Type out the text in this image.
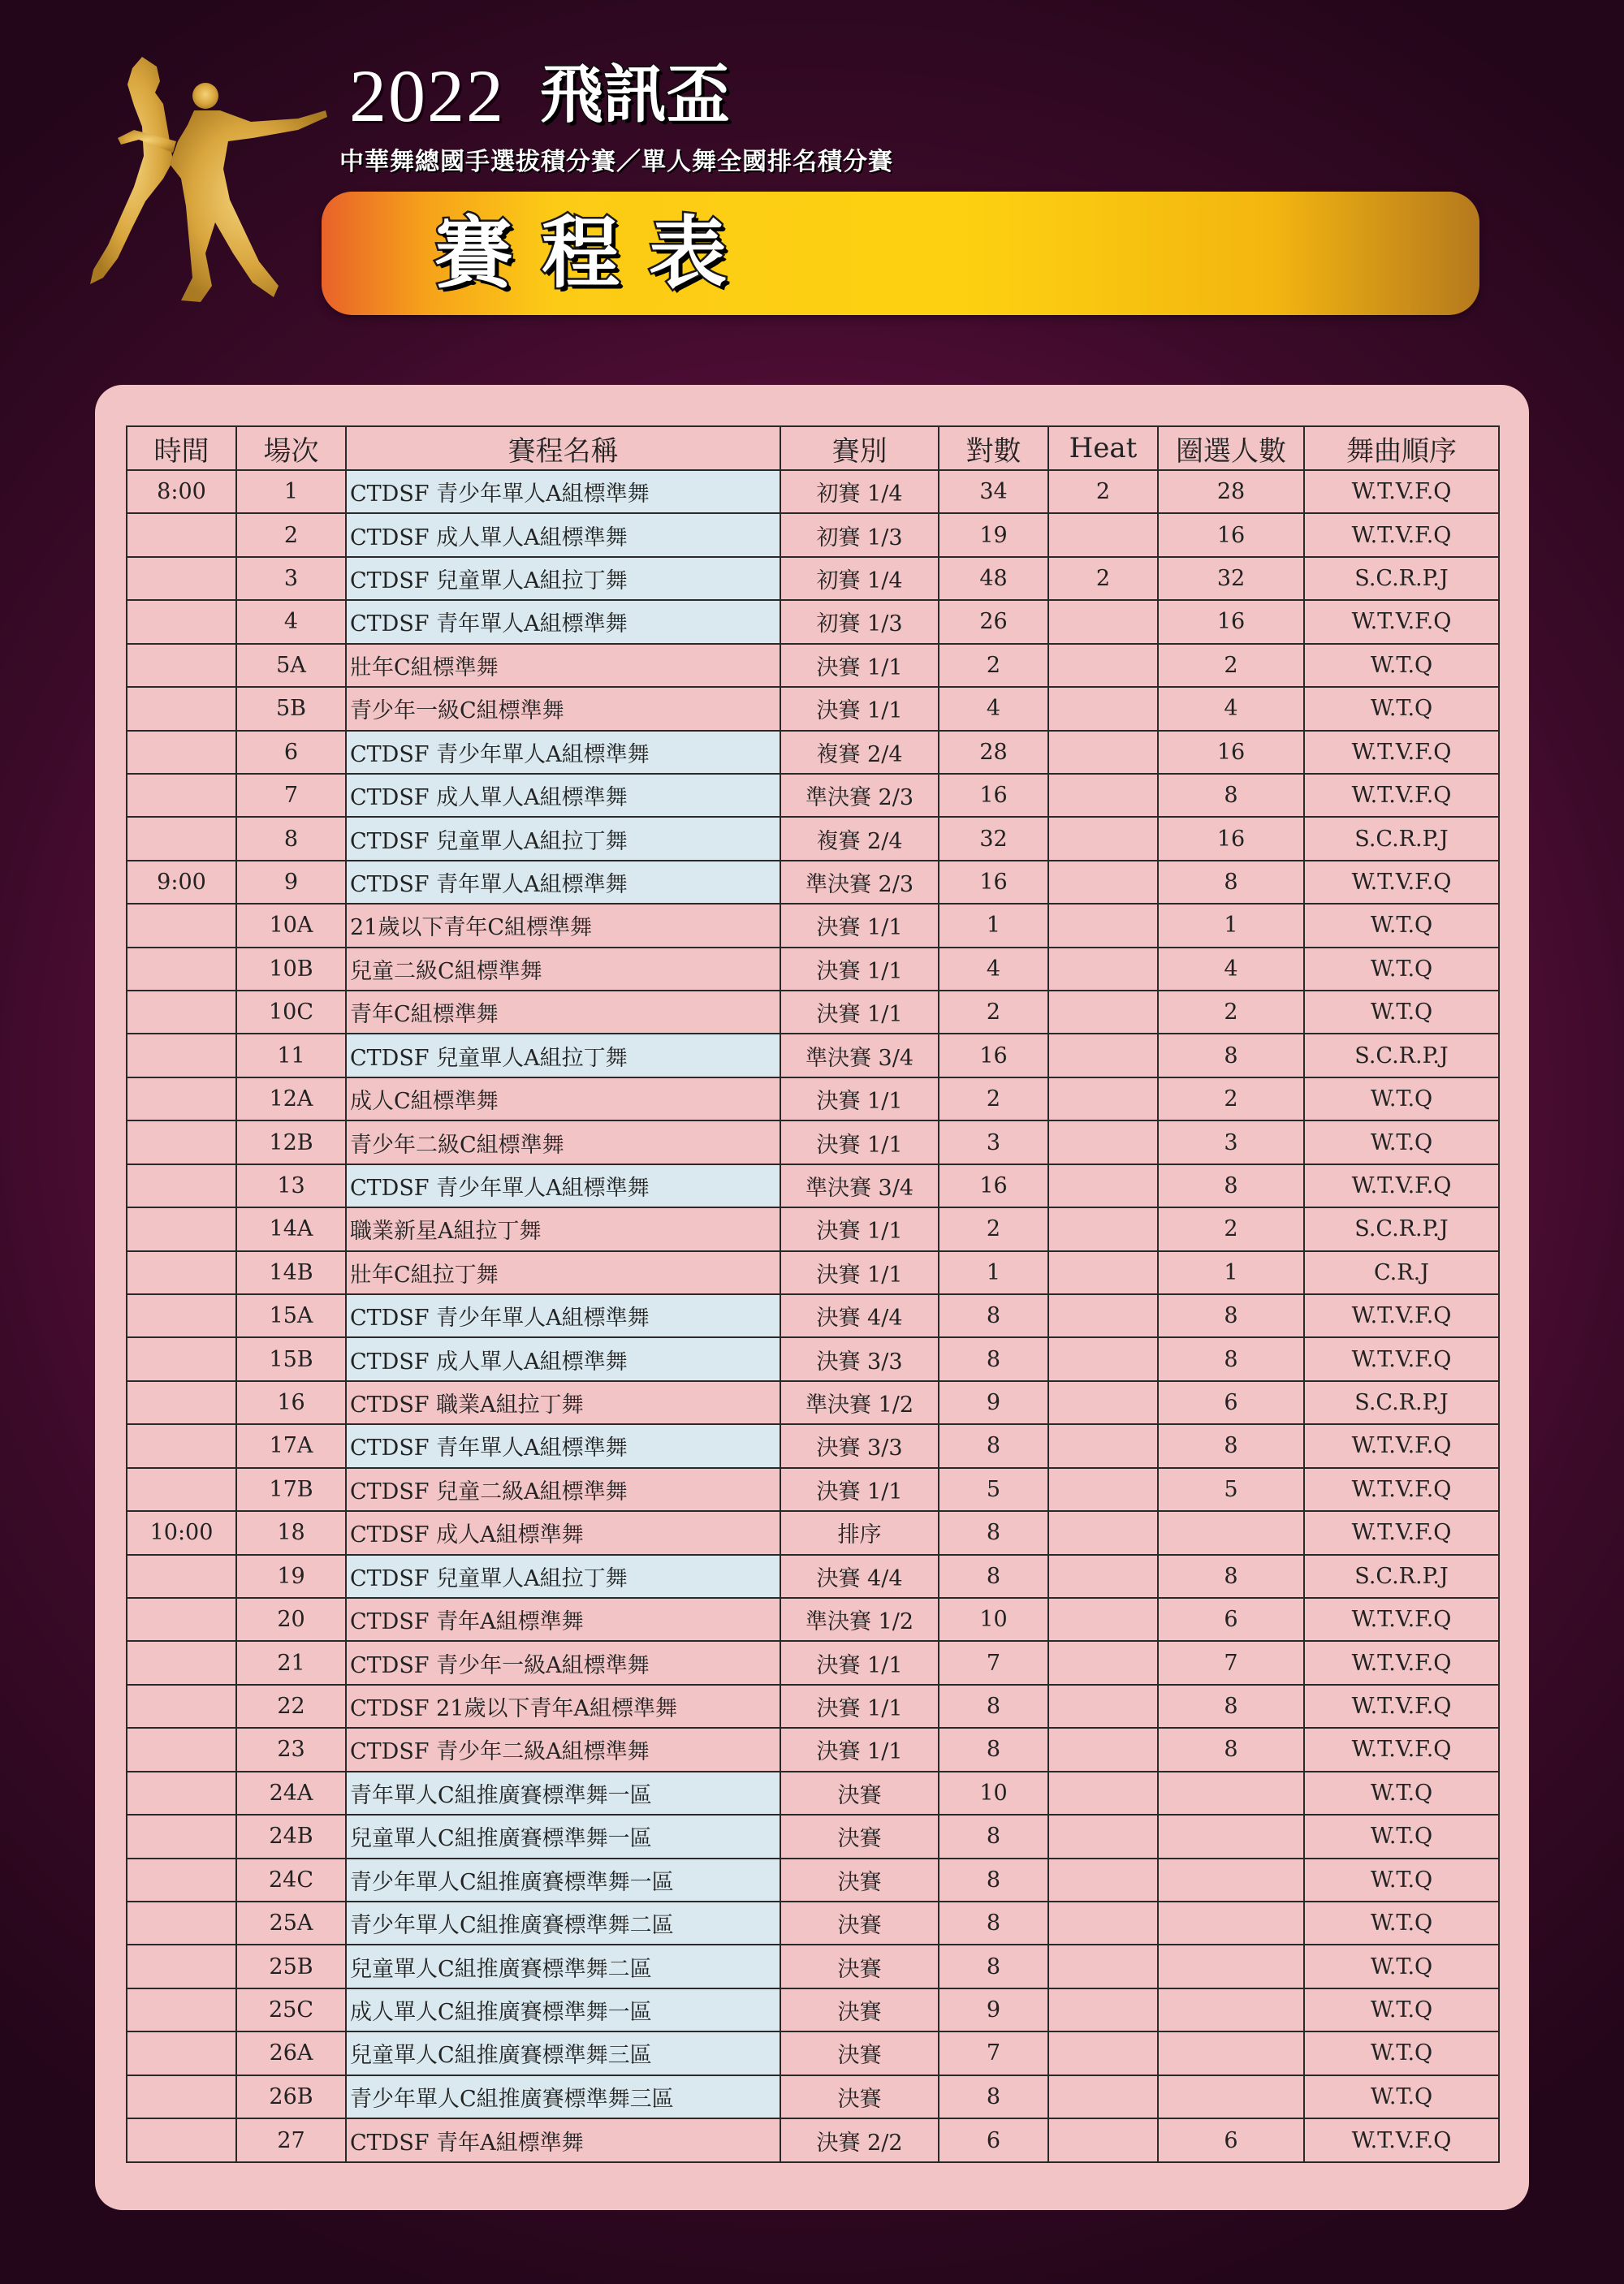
2022 飛訊盃
中華舞總國手選拔積分賽／單人舞全國排名積分賽
賽程表
時間	場次	賽程名稱	賽別	對數	Heat	圈選人數	舞曲順序
8:00	1	CTDSF 青少年單人A組標準舞	初賽 1/4	34	2	28	W.T.V.F.Q
	2	CTDSF 成人單人A組標準舞	初賽 1/3	19		16	W.T.V.F.Q
	3	CTDSF 兒童單人A組拉丁舞	初賽 1/4	48	2	32	S.C.R.P.J
	4	CTDSF 青年單人A組標準舞	初賽 1/3	26		16	W.T.V.F.Q
	5A	壯年C組標準舞	決賽 1/1	2		2	W.T.Q
	5B	青少年一級C組標準舞	決賽 1/1	4		4	W.T.Q
	6	CTDSF 青少年單人A組標準舞	複賽 2/4	28		16	W.T.V.F.Q
	7	CTDSF 成人單人A組標準舞	準決賽 2/3	16		8	W.T.V.F.Q
	8	CTDSF 兒童單人A組拉丁舞	複賽 2/4	32		16	S.C.R.P.J
9:00	9	CTDSF 青年單人A組標準舞	準決賽 2/3	16		8	W.T.V.F.Q
	10A	21歲以下青年C組標準舞	決賽 1/1	1		1	W.T.Q
	10B	兒童二級C組標準舞	決賽 1/1	4		4	W.T.Q
	10C	青年C組標準舞	決賽 1/1	2		2	W.T.Q
	11	CTDSF 兒童單人A組拉丁舞	準決賽 3/4	16		8	S.C.R.P.J
	12A	成人C組標準舞	決賽 1/1	2		2	W.T.Q
	12B	青少年二級C組標準舞	決賽 1/1	3		3	W.T.Q
	13	CTDSF 青少年單人A組標準舞	準決賽 3/4	16		8	W.T.V.F.Q
	14A	職業新星A組拉丁舞	決賽 1/1	2		2	S.C.R.P.J
	14B	壯年C組拉丁舞	決賽 1/1	1		1	C.R.J
	15A	CTDSF 青少年單人A組標準舞	決賽 4/4	8		8	W.T.V.F.Q
	15B	CTDSF 成人單人A組標準舞	決賽 3/3	8		8	W.T.V.F.Q
	16	CTDSF 職業A組拉丁舞	準決賽 1/2	9		6	S.C.R.P.J
	17A	CTDSF 青年單人A組標準舞	決賽 3/3	8		8	W.T.V.F.Q
	17B	CTDSF 兒童二級A組標準舞	決賽 1/1	5		5	W.T.V.F.Q
10:00	18	CTDSF 成人A組標準舞	排序	8			W.T.V.F.Q
	19	CTDSF 兒童單人A組拉丁舞	決賽 4/4	8		8	S.C.R.P.J
	20	CTDSF 青年A組標準舞	準決賽 1/2	10		6	W.T.V.F.Q
	21	CTDSF 青少年一級A組標準舞	決賽 1/1	7		7	W.T.V.F.Q
	22	CTDSF 21歲以下青年A組標準舞	決賽 1/1	8		8	W.T.V.F.Q
	23	CTDSF 青少年二級A組標準舞	決賽 1/1	8		8	W.T.V.F.Q
	24A	青年單人C組推廣賽標準舞一區	決賽	10			W.T.Q
	24B	兒童單人C組推廣賽標準舞一區	決賽	8			W.T.Q
	24C	青少年單人C組推廣賽標準舞一區	決賽	8			W.T.Q
	25A	青少年單人C組推廣賽標準舞二區	決賽	8			W.T.Q
	25B	兒童單人C組推廣賽標準舞二區	決賽	8			W.T.Q
	25C	成人單人C組推廣賽標準舞一區	決賽	9			W.T.Q
	26A	兒童單人C組推廣賽標準舞三區	決賽	7			W.T.Q
	26B	青少年單人C組推廣賽標準舞三區	決賽	8			W.T.Q
	27	CTDSF 青年A組標準舞	決賽 2/2	6		6	W.T.V.F.Q
